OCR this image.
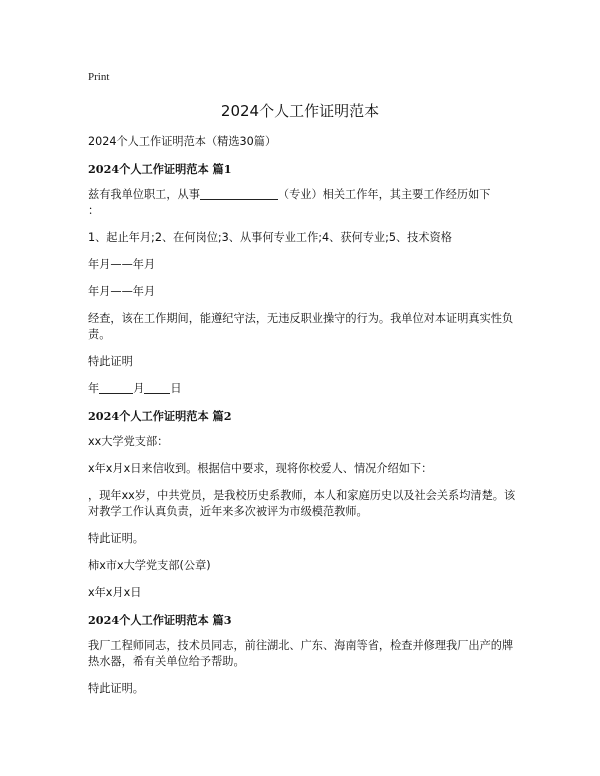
Print
2024个人工作证明范本

2024个人工作证明范本（精选30篇）

2024个人工作证明范本 篇1

兹有我单位职工，从事	（专业）相关工作年，其主要工作经历如下
：

1、起止年月;2、在何岗位;3、从事何专业工作;4、获何专业;5、技术资格

年月——年月

年月——年月

经查，该在工作期间，能遵纪守法，无违反职业操守的行为。我单位对本证明真实性负责。

特此证明

年	月 日

2024个人工作证明范本 篇2

xx大学党支部：

x年x月x日来信收到。根据信中要求，现将你校爱人、情况介绍如下：

，现年xx岁，中共党员，是我校历史系教师，本人和家庭历史以及社会关系均清楚。该对教学工作认真负责，近年来多次被评为市级模范教师。

特此证明。

柿x市x大学党支部(公章)

x年x月x日

2024个人工作证明范本 篇3

我厂工程师同志，技术员同志，前往湖北、广东、海南等省，检查并修理我厂出产的牌热水器，希有关单位给予帮助。

特此证明。
